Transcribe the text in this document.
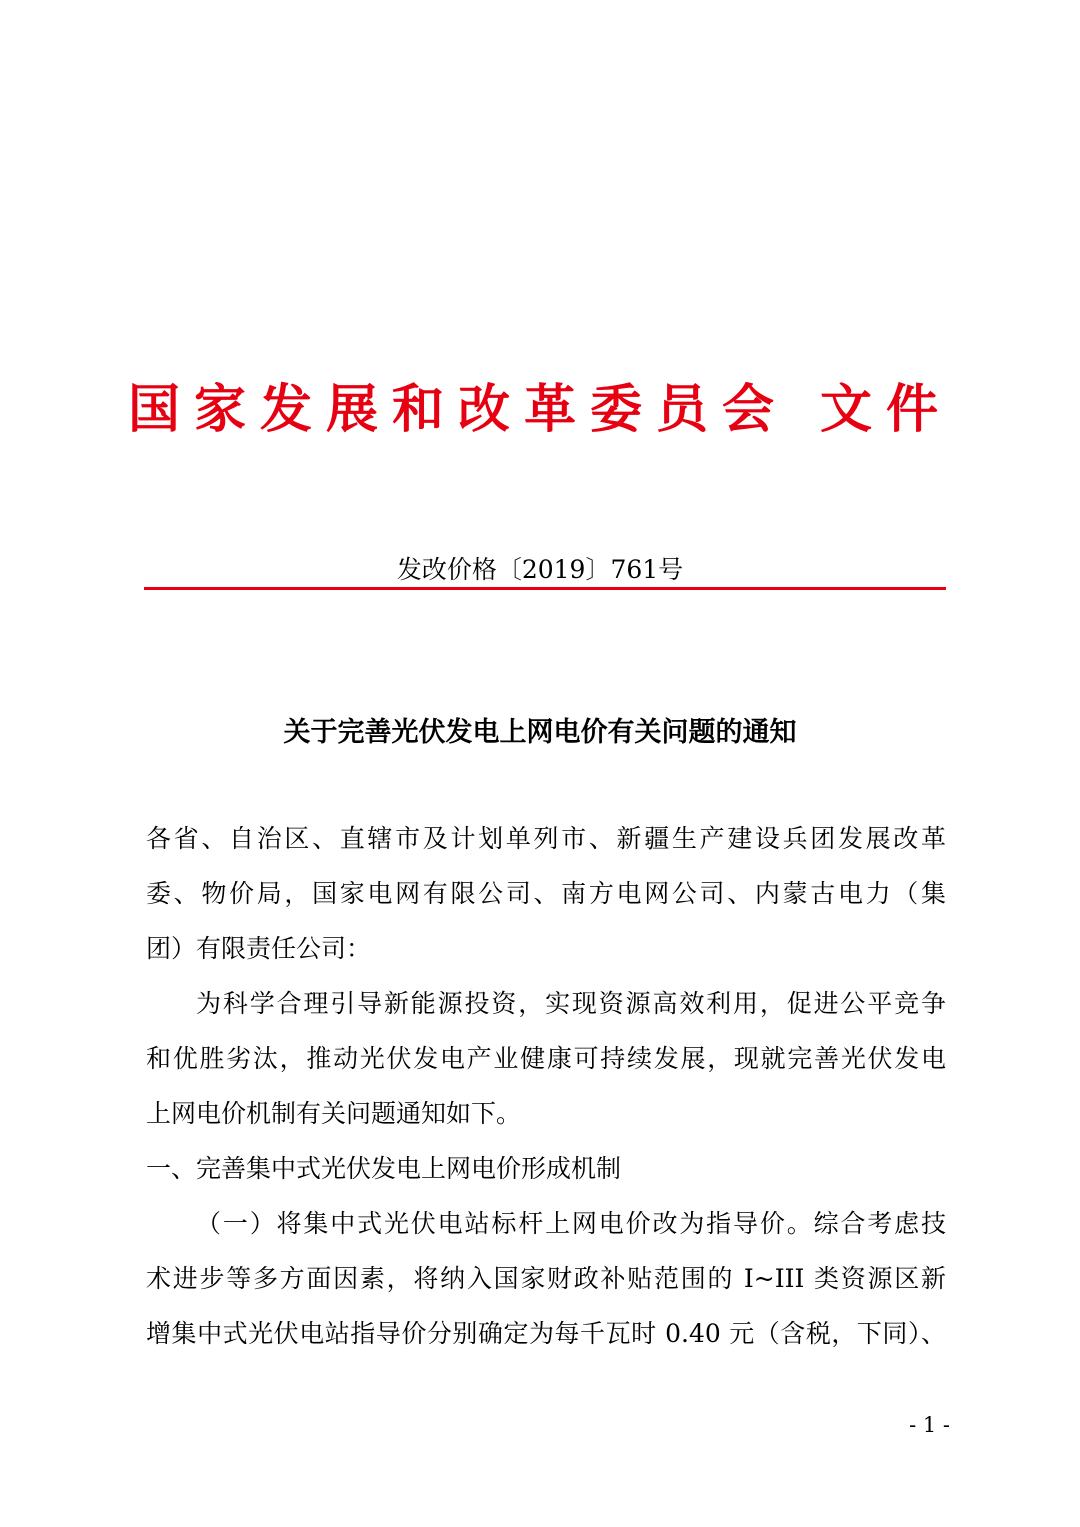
国家发展和改革委员会 文件
发改价格〔2019〕761号
关于完善光伏发电上网电价有关问题的通知
各省、自治区、直辖市及计划单列市、新疆生产建设兵团发展改革
委、物价局，国家电网有限公司、南方电网公司、内蒙古电力（集
团）有限责任公司：
为科学合理引导新能源投资，实现资源高效利用，促进公平竞争
和优胜劣汰，推动光伏发电产业健康可持续发展，现就完善光伏发电
上网电价机制有关问题通知如下。
一、完善集中式光伏发电上网电价形成机制
（一）将集中式光伏电站标杆上网电价改为指导价。综合考虑技
术进步等多方面因素，将纳入国家财政补贴范围的 I~III 类资源区新
增集中式光伏电站指导价分别确定为每千瓦时 0.40 元（含税，下同）、
- 1 -
